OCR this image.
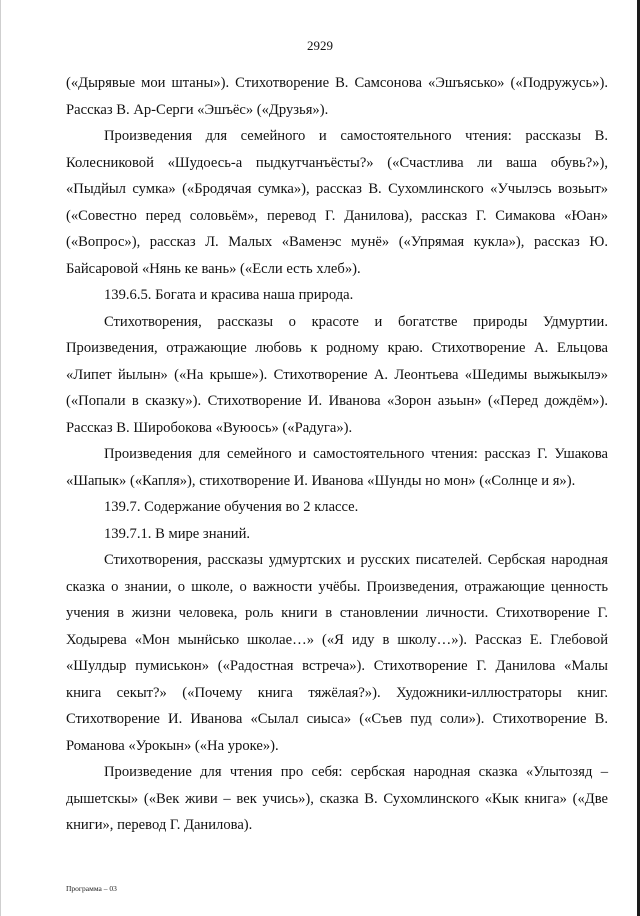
2929

(«Дырявые мои штаны»). Стихотворение В. Самсонова «Эшъясько» («Подружусь»). Рассказ В. Ар-Серги «Эшъёс» («Друзья»).

Произведения для семейного и самостоятельного чтения: рассказы В. Колесниковой «Шудоесь-а пыдкутчанъёсты?» («Счастлива ли ваша обувь?»), «Пыдйыл сумка» («Бродячая сумка»), рассказ В. Сухомлинского «Учылэсь возьыт» («Совестно перед соловьём», перевод Г. Данилова), рассказ Г. Симакова «Юан» («Вопрос»), рассказ Л. Малых «Ваменэс мунё» («Упрямая кукла»), рассказ Ю. Байсаровой «Нянь ке вань» («Если есть хлеб»).

139.6.5. Богата и красива наша природа.

Стихотворения, рассказы о красоте и богатстве природы Удмуртии. Произведения, отражающие любовь к родному краю. Стихотворение А. Ельцова «Липет йылын» («На крыше»). Стихотворение А. Леонтьева «Шедимы выжыкылэ» («Попали в сказку»). Стихотворение И. Иванова «Зорон азьын» («Перед дождём»). Рассказ В. Широбокова «Вуюось» («Радуга»).

Произведения для семейного и самостоятельного чтения: рассказ Г. Ушакова «Шапык» («Капля»), стихотворение И. Иванова «Шунды но мон» («Солнце и я»).

139.7. Содержание обучения во 2 классе.

139.7.1. В мире знаний.

Стихотворения, рассказы удмуртских и русских писателей. Сербская народная сказка о знании, о школе, о важности учёбы. Произведения, отражающие ценность учения в жизни человека, роль книги в становлении личности. Стихотворение Г. Ходырева «Мон мынӥсько школае…» («Я иду в школу…»). Рассказ Е. Глебовой «Шулдыр пумиськон» («Радостная встреча»). Стихотворение Г. Данилова «Малы книга секыт?» («Почему книга тяжёлая?»). Художники-иллюстраторы книг. Стихотворение И. Иванова «Сылал сиыса» («Съев пуд соли»). Стихотворение В. Романова «Урокын» («На уроке»).

Произведение для чтения про себя: сербская народная сказка «Улытозяд – дышетскы» («Век живи – век учись»), сказка В. Сухомлинского «Кык книга» («Две книги», перевод Г. Данилова).

Программа – 03
